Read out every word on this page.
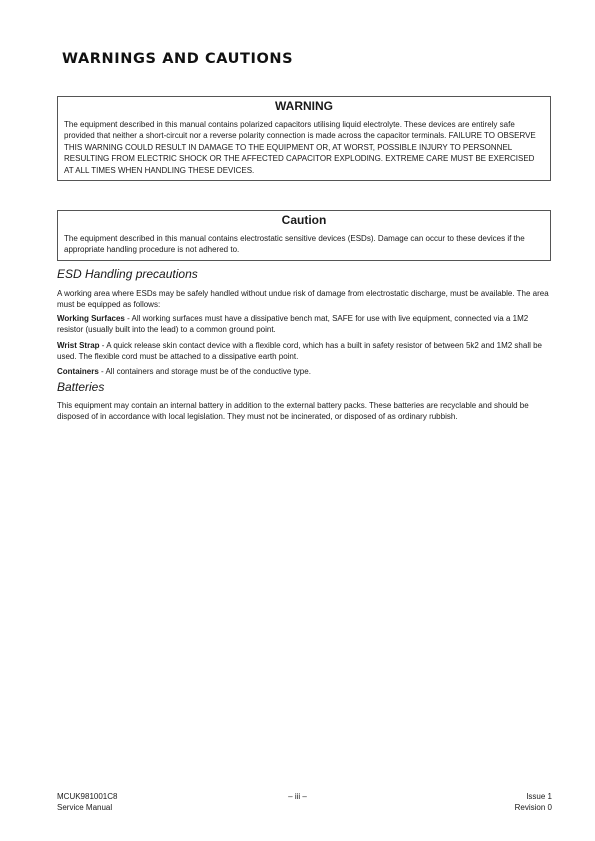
WARNINGS AND CAUTIONS
WARNING

The equipment described in this manual contains polarized capacitors utilising liquid electrolyte. These devices are entirely safe provided that neither a short-circuit nor a reverse polarity connection is made across the capacitor terminals. FAILURE TO OBSERVE THIS WARNING COULD RESULT IN DAMAGE TO THE EQUIPMENT OR, AT WORST, POSSIBLE INJURY TO PERSONNEL RESULTING FROM ELECTRIC SHOCK OR THE AFFECTED CAPACITOR EXPLODING. EXTREME CARE MUST BE EXERCISED AT ALL TIMES WHEN HANDLING THESE DEVICES.

Caution

The equipment described in this manual contains electrostatic sensitive devices (ESDs). Damage can occur to these devices if the appropriate handling procedure is not adhered to.

ESD Handling precautions

A working area where ESDs may be safely handled without undue risk of damage from electrostatic discharge, must be available. The area must be equipped as follows:

Working Surfaces - All working surfaces must have a dissipative bench mat, SAFE for use with live equipment, connected via a 1M2 resistor (usually built into the lead) to a common ground point.

Wrist Strap - A quick release skin contact device with a flexible cord, which has a built in safety resistor of between 5k2 and 1M2 shall be used. The flexible cord must be attached to a dissipative earth point.

Containers - All containers and storage must be of the conductive type.

Batteries

This equipment may contain an internal battery in addition to the external battery packs. These batteries are recyclable and should be disposed of in accordance with local legislation. They must not be incinerated, or disposed of as ordinary rubbish.

MCUK981001C8
Service Manual
– iii –	Issue 1
Revision 0
